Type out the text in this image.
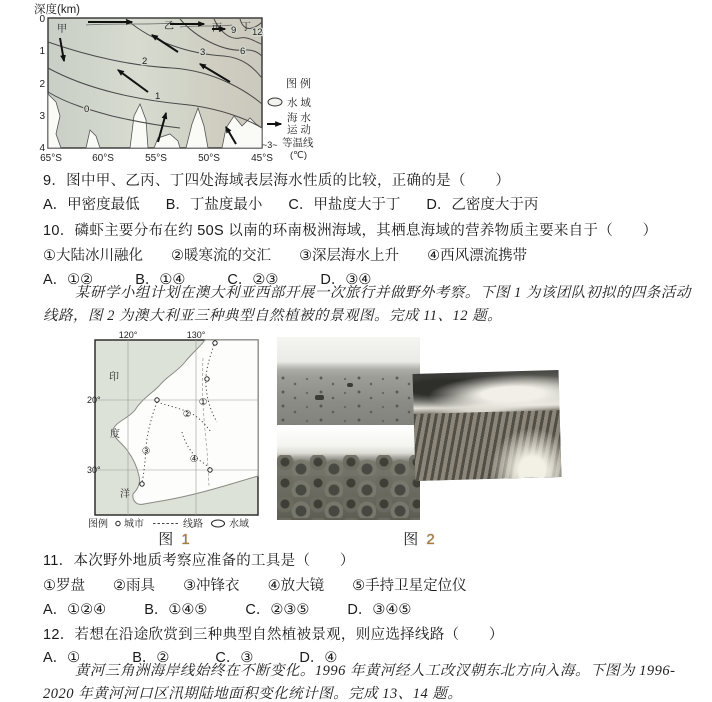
深度(km)
12
9
6
3
2
1
0
甲	乙	丙 丁
0
1
2
3
4
65°S	60°S	55°S	50°S	45°S
图 例
水 域
海 水
运 动
~3~ 等温线
(℃)
9．图中甲、乙丙、丁四处海域表层海水性质的比较，正确的是（　　）
A．甲密度最低 B．丁盐度最小 C．甲盐度大于丁 D．乙密度大于丙
10．磷虾主要分布在约 50S 以南的环南极洲海域，其栖息海域的营养物质主要来自于（　　）
①大陆冰川融化 ②暖寒流的交汇 ③深层海水上升 ④西风漂流携带
A．①②	B．①④	C．②③	D．③④
某研学小组计划在澳大利亚西部开展一次旅行并做野外考察。下图 1 为该团队初拟的四条活动线路，图 2 为澳大利亚三种典型自然植被的景观图。完成 11、12 题。
120°	130°
20°
30°
①
②
③
④
印
度
洋
图例 城市	线路	水域
图 1	图 2
11．本次野外地质考察应准备的工具是（　　）
①罗盘 ②雨具 ③冲锋衣 ④放大镜 ⑤手持卫星定位仪
A．①②④	B．①④⑤	C．②③⑤	D．③④⑤
12．若想在沿途欣赏到三种典型自然植被景观，则应选择线路（　　）
A．①	B．②	C．③	D．④
黄河三角洲海岸线始终在不断变化。1996 年黄河经人工改汊朝东北方向入海。下图为 1996-2020 年黄河河口区汛期陆地面积变化统计图。完成 13、14 题。
